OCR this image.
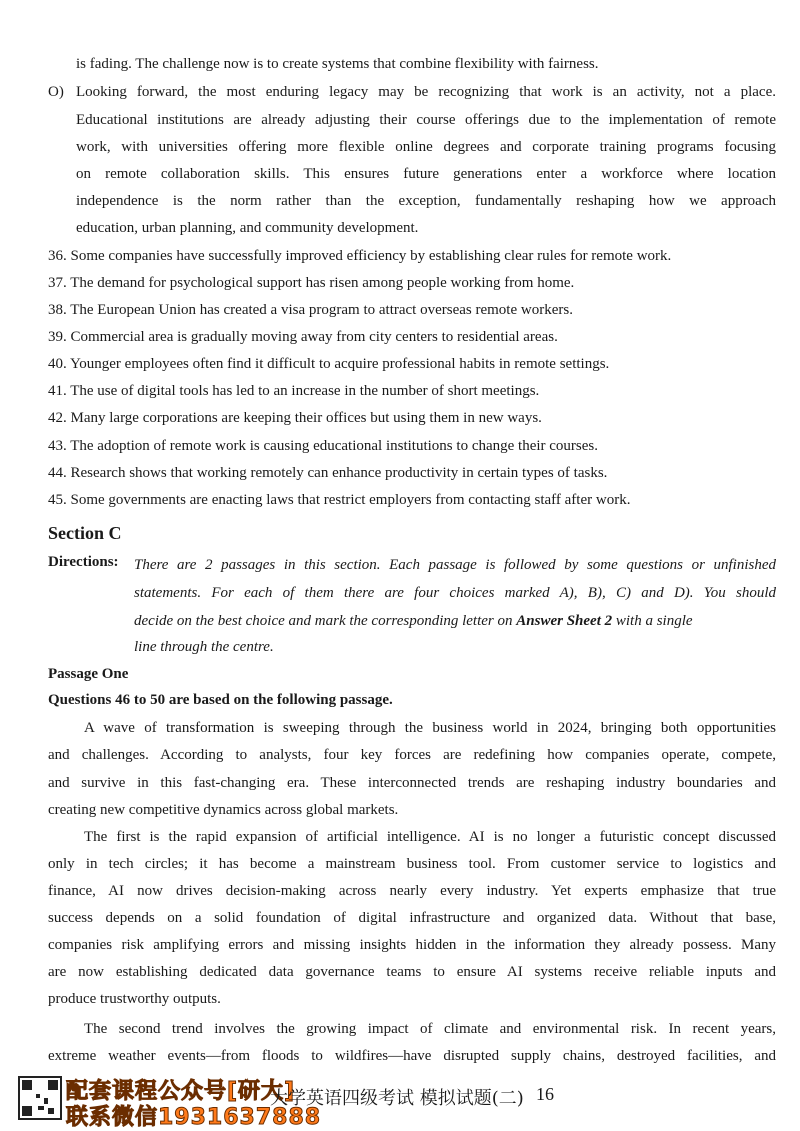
is fading. The challenge now is to create systems that combine flexibility with fairness.
O) Looking forward, the most enduring legacy may be recognizing that work is an activity, not a place.
Educational institutions are already adjusting their course offerings due to the implementation of remote
work, with universities offering more flexible online degrees and corporate training programs focusing
on remote collaboration skills. This ensures future generations enter a workforce where location
independence is the norm rather than the exception, fundamentally reshaping how we approach
education, urban planning, and community development.
36. Some companies have successfully improved efficiency by establishing clear rules for remote work.
37. The demand for psychological support has risen among people working from home.
38. The European Union has created a visa program to attract overseas remote workers.
39. Commercial area is gradually moving away from city centers to residential areas.
40. Younger employees often find it difficult to acquire professional habits in remote settings.
41. The use of digital tools has led to an increase in the number of short meetings.
42. Many large corporations are keeping their offices but using them in new ways.
43. The adoption of remote work is causing educational institutions to change their courses.
44. Research shows that working remotely can enhance productivity in certain types of tasks.
45. Some governments are enacting laws that restrict employers from contacting staff after work.
Section C
Directions: There are 2 passages in this section. Each passage is followed by some questions or unfinished
statements. For each of them there are four choices marked A), B), C) and D). You should
decide on the best choice and mark the corresponding letter on Answer Sheet 2 with a single
line through the centre.
Passage One
Questions 46 to 50 are based on the following passage.
A wave of transformation is sweeping through the business world in 2024, bringing both opportunities
and challenges. According to analysts, four key forces are redefining how companies operate, compete,
and survive in this fast-changing era. These interconnected trends are reshaping industry boundaries and
creating new competitive dynamics across global markets.
The first is the rapid expansion of artificial intelligence. AI is no longer a futuristic concept discussed
only in tech circles; it has become a mainstream business tool. From customer service to logistics and
finance, AI now drives decision-making across nearly every industry. Yet experts emphasize that true
success depends on a solid foundation of digital infrastructure and organized data. Without that base,
companies risk amplifying errors and missing insights hidden in the information they already possess. Many
are now establishing dedicated data governance teams to ensure AI systems receive reliable inputs and
produce trustworthy outputs.
The second trend involves the growing impact of climate and environmental risk. In recent years,
extreme weather events—from floods to wildfires—have disrupted supply chains, destroyed facilities, and
配套课程公众号[研大]
联系微信1931637888
大学英语四级考试 模拟试题(二) 16
